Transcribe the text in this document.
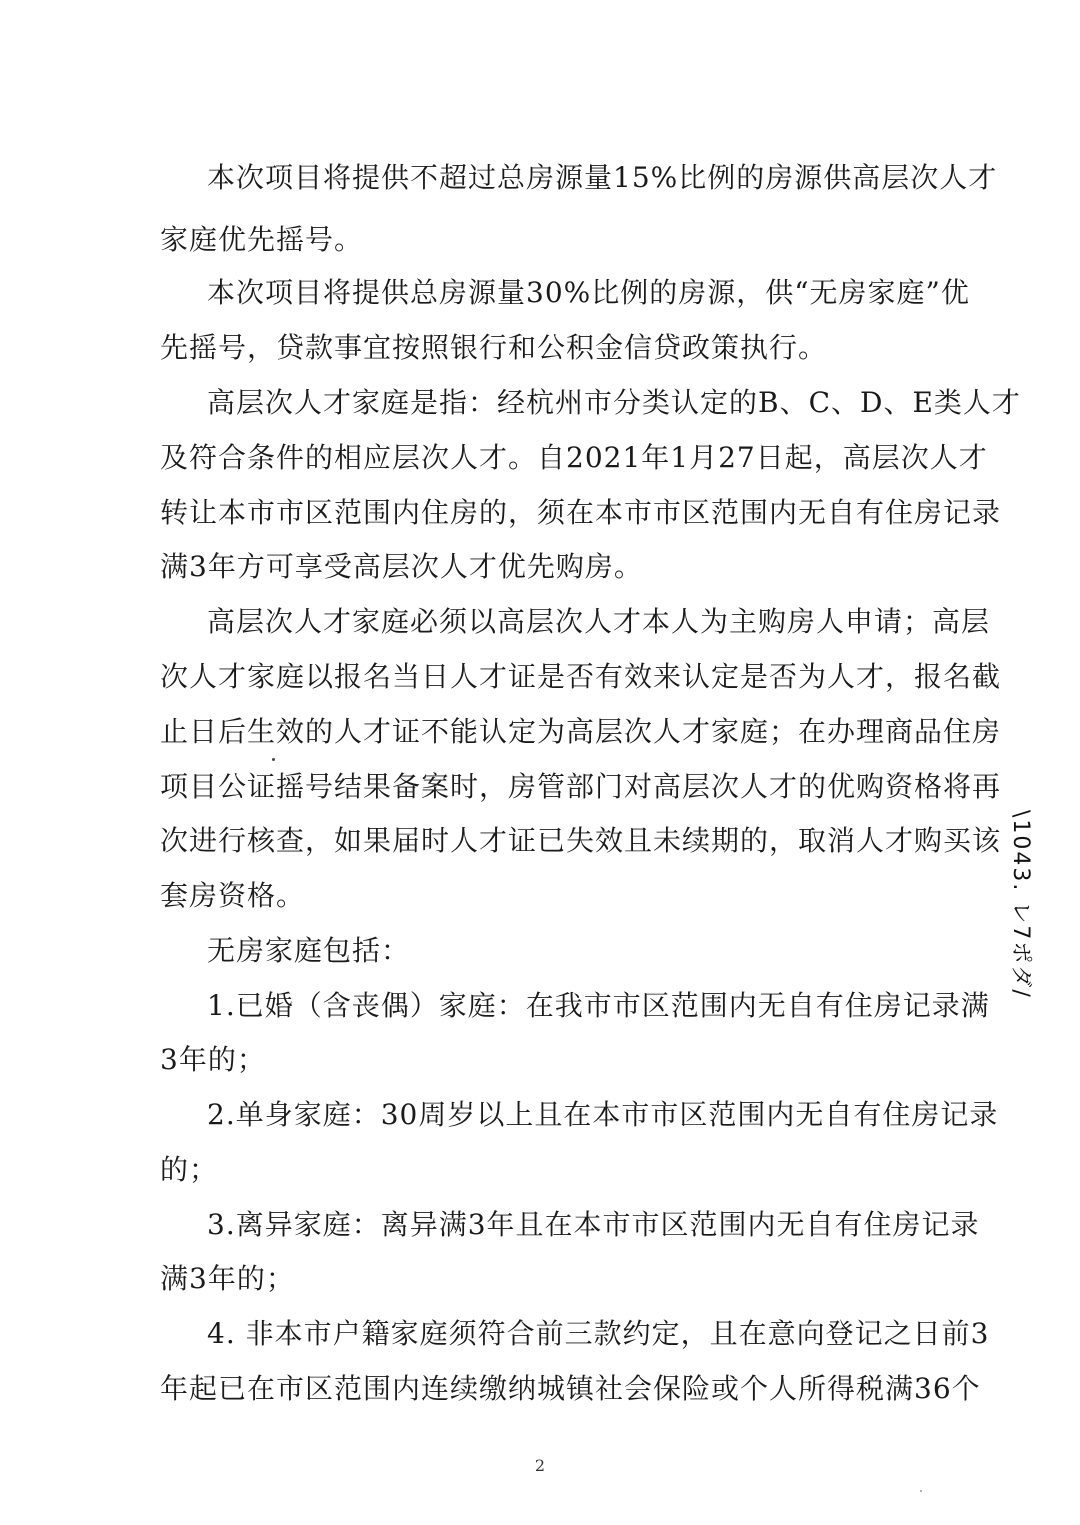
本次项目将提供不超过总房源量15%比例的房源供高层次人才
家庭优先摇号。
本次项目将提供总房源量30%比例的房源，供“无房家庭”优
先摇号，贷款事宜按照银行和公积金信贷政策执行。
高层次人才家庭是指：经杭州市分类认定的B、C、D、E类人才
及符合条件的相应层次人才。自2021年1月27日起，高层次人才
转让本市市区范围内住房的，须在本市市区范围内无自有住房记录
满3年方可享受高层次人才优先购房。
高层次人才家庭必须以高层次人才本人为主购房人申请；高层
次人才家庭以报名当日人才证是否有效来认定是否为人才，报名截
止日后生效的人才证不能认定为高层次人才家庭；在办理商品住房
项目公证摇号结果备案时，房管部门对高层次人才的优购资格将再
次进行核查，如果届时人才证已失效且未续期的，取消人才购买该
套房资格。
无房家庭包括：
1.已婚（含丧偶）家庭：在我市市区范围内无自有住房记录满
3年的；
2.单身家庭：30周岁以上且在本市市区范围内无自有住房记录
的；
3.离异家庭：离异满3年且在本市市区范围内无自有住房记录
满3年的；
4. 非本市户籍家庭须符合前三款约定，且在意向登记之日前3
年起已在市区范围内连续缴纳城镇社会保险或个人所得税满36个
2
\1043. レ7ポダ/
